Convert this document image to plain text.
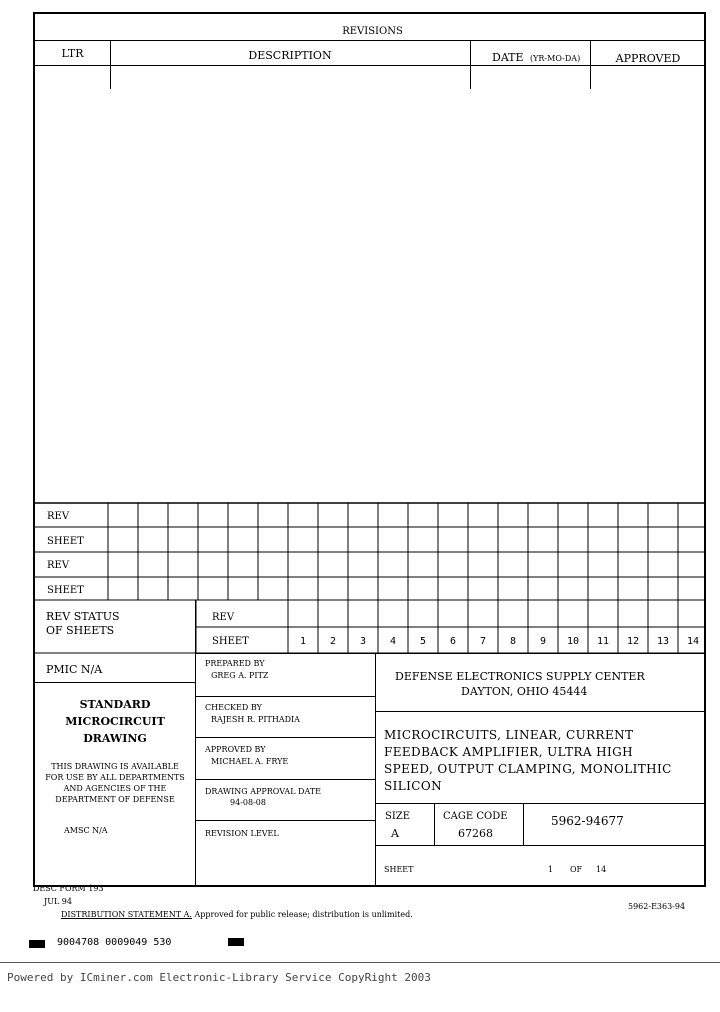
REVISIONS
LTR	DESCRIPTION	DATE (YR-MO-DA)	APPROVED
REV
SHEET
REV
SHEET
REV STATUS
OF SHEETS
REV
SHEET	1	2	3	4	5	6	7	8	9	10	11	12	13	14
PMIC N/A
STANDARD
MICROCIRCUIT
DRAWING
THIS DRAWING IS AVAILABLE
FOR USE BY ALL DEPARTMENTS
AND AGENCIES OF THE
DEPARTMENT OF DEFENSE
AMSC N/A
PREPARED BY
GREG A. PITZ
CHECKED BY
RAJESH R. PITHADIA
APPROVED BY
MICHAEL A. FRYE
DRAWING APPROVAL DATE
94-08-08
REVISION LEVEL
DEFENSE ELECTRONICS SUPPLY CENTER
DAYTON, OHIO 45444
MICROCIRCUITS, LINEAR, CURRENT
FEEDBACK AMPLIFIER, ULTRA HIGH
SPEED, OUTPUT CLAMPING, MONOLITHIC
SILICON
SIZE
A
CAGE CODE
67268
5962-94677
SHEET	1 OF 14
DESC FORM 193
JUL 94
5962-E363-94
DISTRIBUTION STATEMENT A. Approved for public release; distribution is unlimited.
9004708 0009049 530
Powered by ICminer.com Electronic-Library Service CopyRight 2003
